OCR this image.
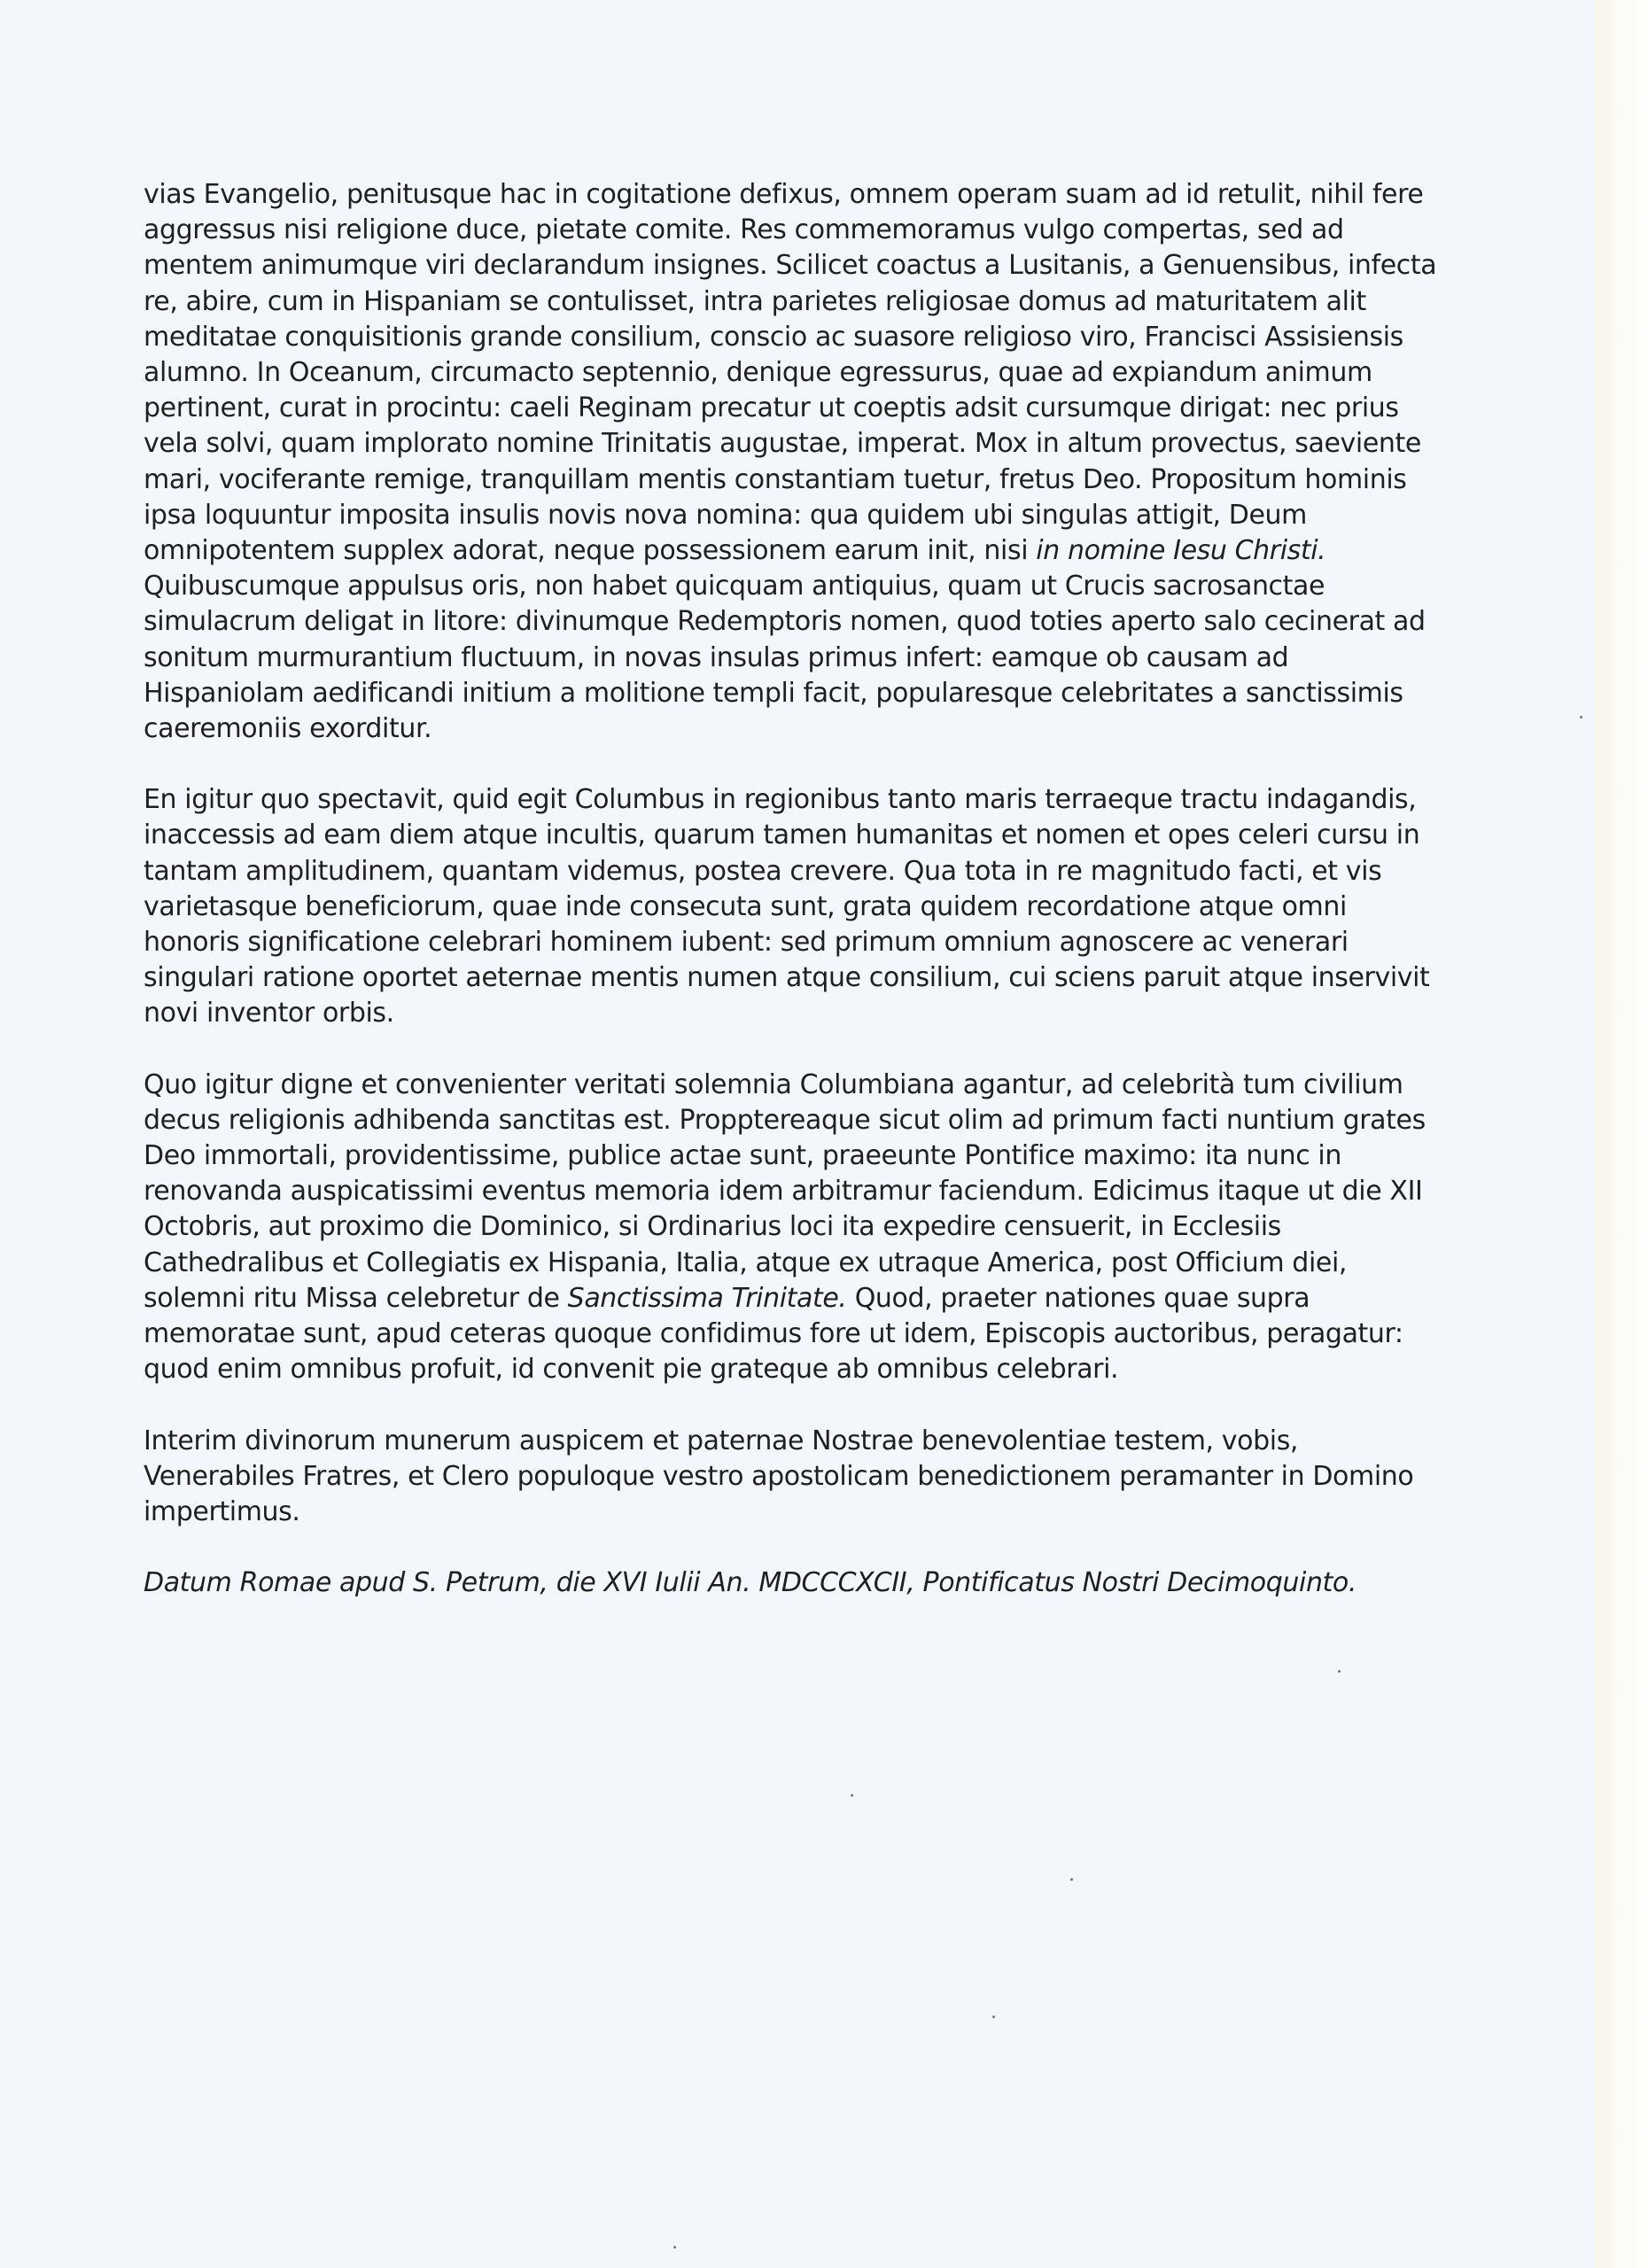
vias Evangelio, penitusque hac in cogitatione defixus, omnem operam suam ad id retulit, nihil fere aggressus nisi religione duce, pietate comite. Res commemoramus vulgo compertas, sed ad mentem animumque viri declarandum insignes. Scilicet coactus a Lusitanis, a Genuensibus, infecta re, abire, cum in Hispaniam se contulisset, intra parietes religiosae domus ad maturitatem alit meditatae conquisitionis grande consilium, conscio ac suasore religioso viro, Francisci Assisiensis alumno. In Oceanum, circumacto septennio, denique egressurus, quae ad expiandum animum pertinent, curat in procintu: caeli Reginam precatur ut coeptis adsit cursumque dirigat: nec prius vela solvi, quam implorato nomine Trinitatis augustae, imperat. Mox in altum provectus, saeviente mari, vociferante remige, tranquillam mentis constantiam tuetur, fretus Deo. Propositum hominis ipsa loquuntur imposita insulis novis nova nomina: qua quidem ubi singulas attigit, Deum omnipotentem supplex adorat, neque possessionem earum init, nisi in nomine Iesu Christi. Quibuscumque appulsus oris, non habet quicquam antiquius, quam ut Crucis sacrosanctae simulacrum deligat in litore: divinumque Redemptoris nomen, quod toties aperto salo cecinerat ad sonitum murmurantium fluctuum, in novas insulas primus infert: eamque ob causam ad Hispaniolam aedificandi initium a molitione templi facit, popularesque celebritates a sanctissimis caeremoniis exorditur.

En igitur quo spectavit, quid egit Columbus in regionibus tanto maris terraeque tractu indagandis, inaccessis ad eam diem atque incultis, quarum tamen humanitas et nomen et opes celeri cursu in tantam amplitudinem, quantam videmus, postea crevere. Qua tota in re magnitudo facti, et vis varietasque beneficiorum, quae inde consecuta sunt, grata quidem recordatione atque omni honoris significatione celebrari hominem iubent: sed primum omnium agnoscere ac venerari singulari ratione oportet aeternae mentis numen atque consilium, cui sciens paruit atque inservivit novi inventor orbis.

Quo igitur digne et convenienter veritati solemnia Columbiana agantur, ad celebrità tum civilium decus religionis adhibenda sanctitas est. Propptereaque sicut olim ad primum facti nuntium grates Deo immortali, providentissime, publice actae sunt, praeeunte Pontifice maximo: ita nunc in renovanda auspicatissimi eventus memoria idem arbitramur faciendum. Edicimus itaque ut die XII Octobris, aut proximo die Dominico, si Ordinarius loci ita expedire censuerit, in Ecclesiis Cathedralibus et Collegiatis ex Hispania, Italia, atque ex utraque America, post Officium diei, solemni ritu Missa celebretur de Sanctissima Trinitate. Quod, praeter nationes quae supra memoratae sunt, apud ceteras quoque confidimus fore ut idem, Episcopis auctoribus, peragatur: quod enim omnibus profuit, id convenit pie grateque ab omnibus celebrari.

Interim divinorum munerum auspicem et paternae Nostrae benevolentiae testem, vobis, Venerabiles Fratres, et Clero populoque vestro apostolicam benedictionem peramanter in Domino impertimus.

Datum Romae apud S. Petrum, die XVI Iulii An. MDCCCXCII, Pontificatus Nostri Decimoquinto.
